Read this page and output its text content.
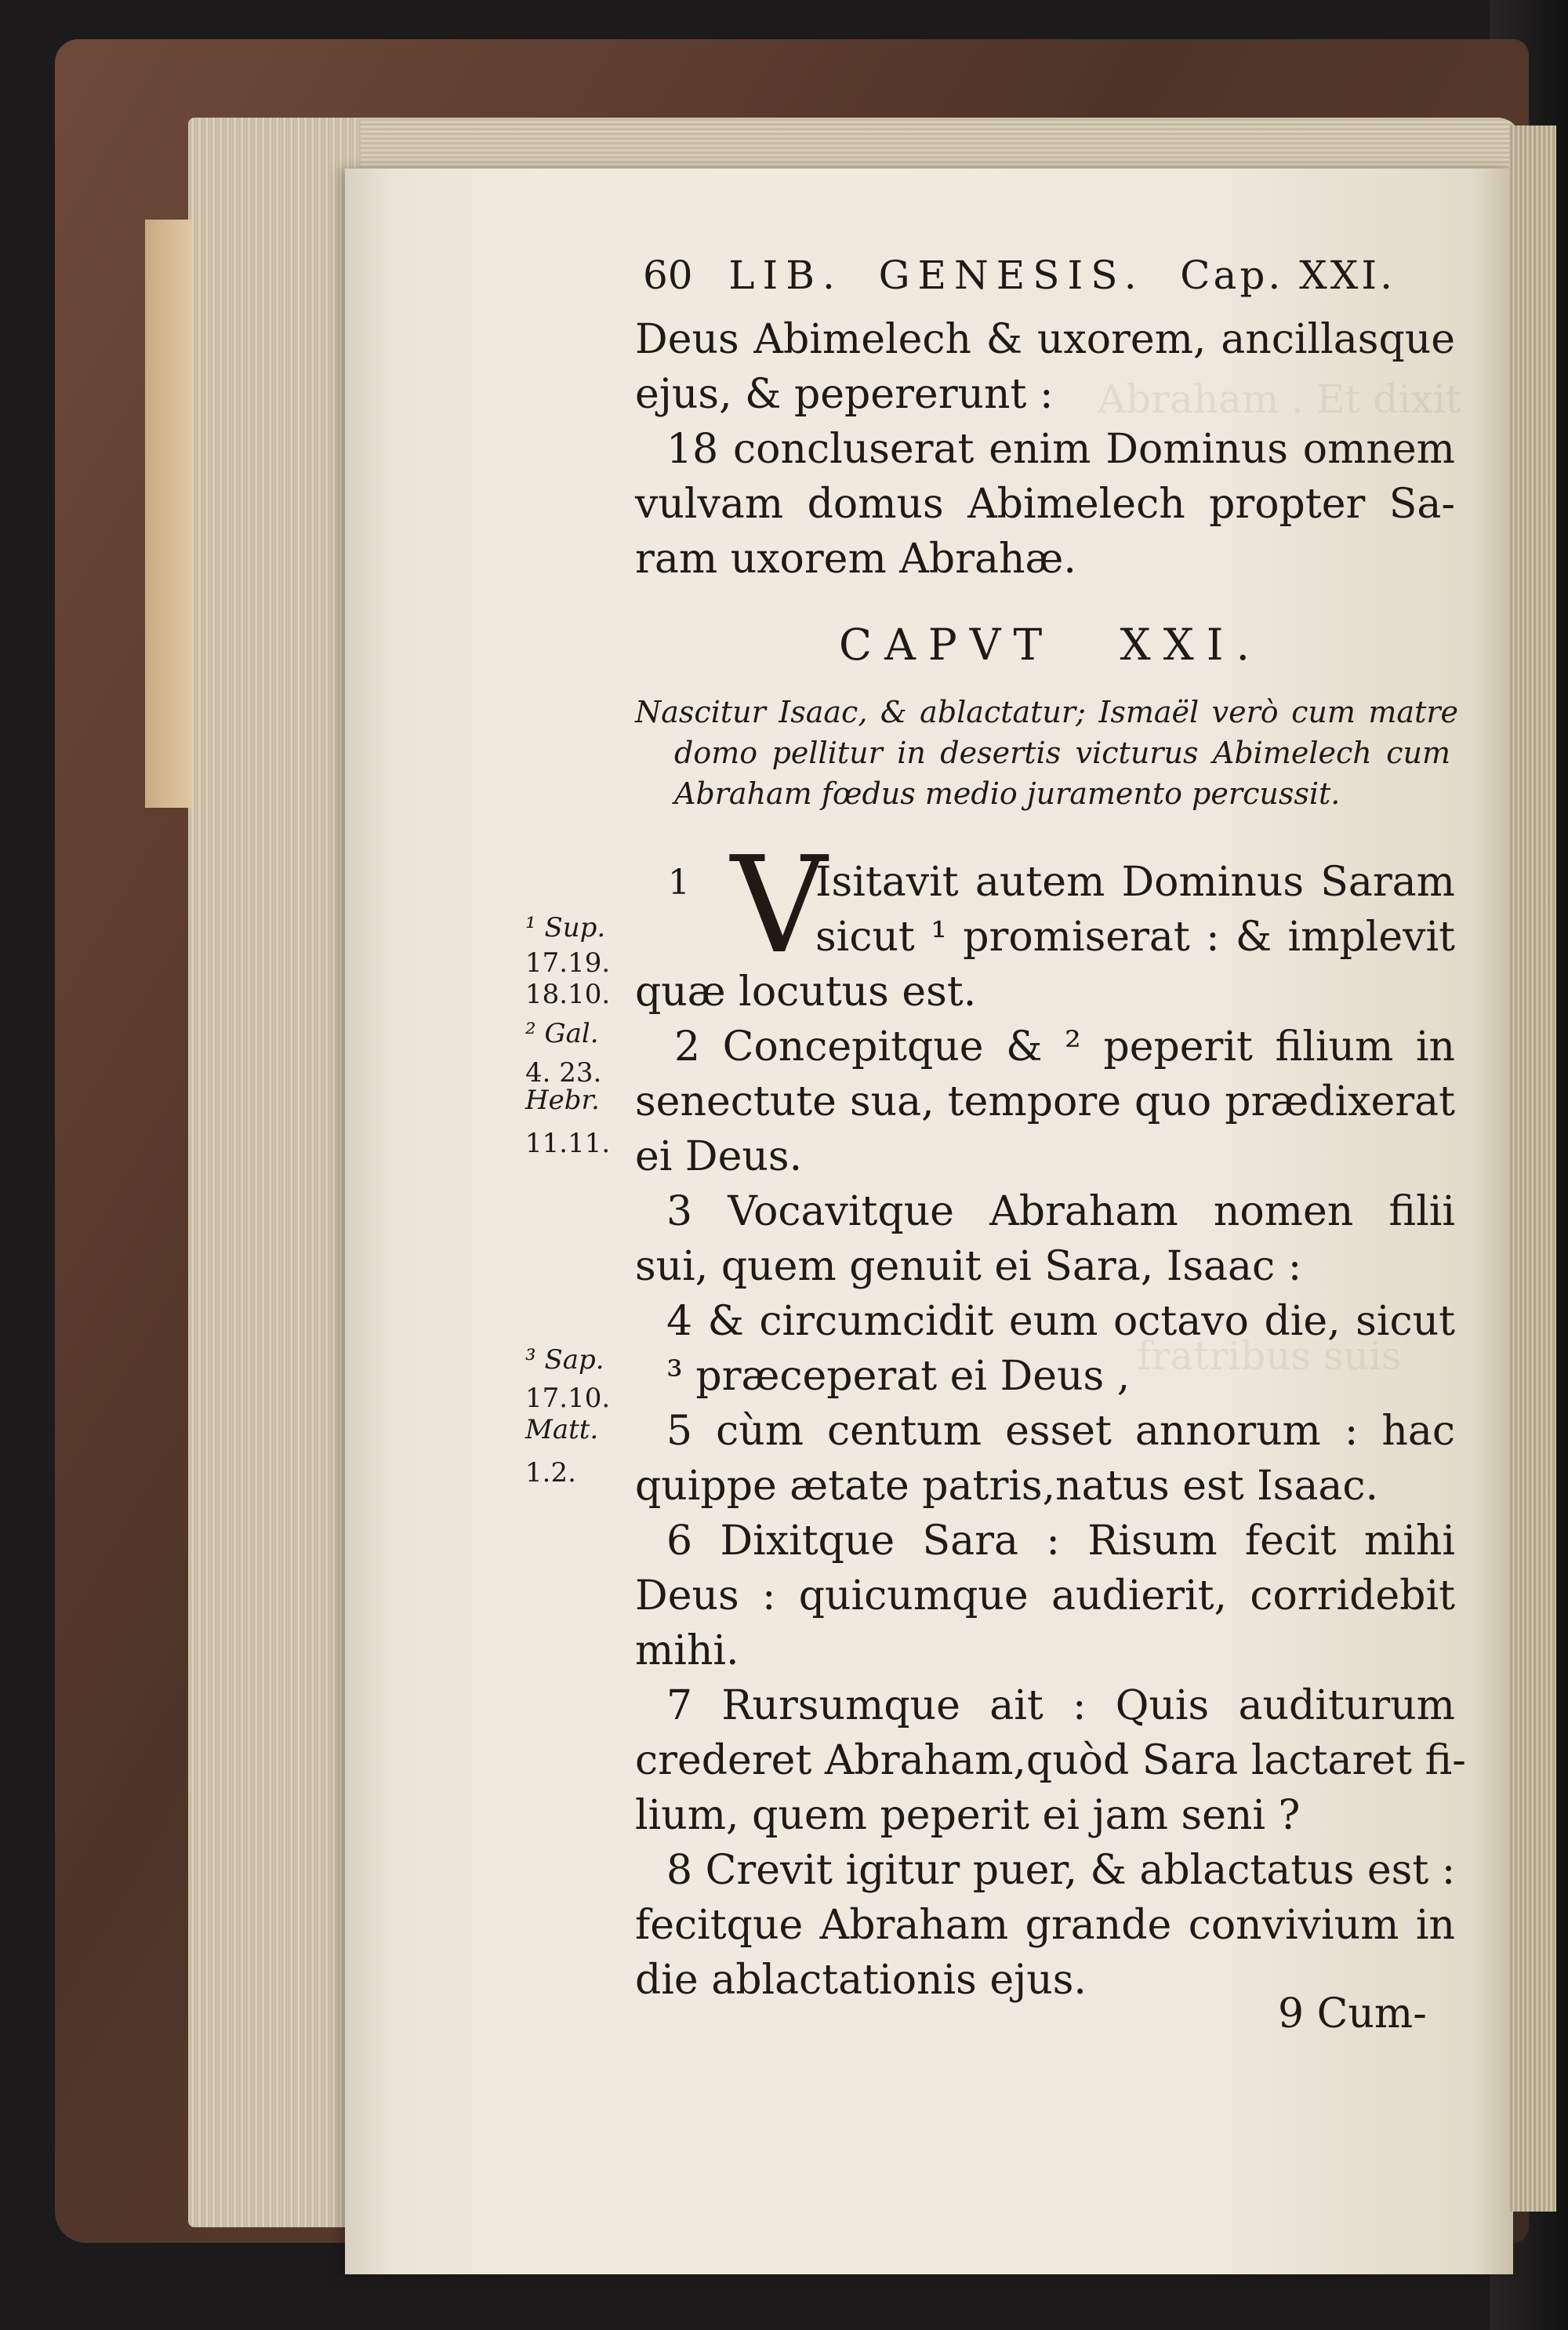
Abraham . Et dixit
fratribus suis
60 LIB. GENESIS. Cap. XXI.
Deus Abimelech & uxorem, ancillasque
ejus, & pepererunt :
18 concluserat enim Dominus omnem
vulvam domus Abimelech propter Sa-
ram uxorem Abrahæ.
CAPVT XXI.
Nascitur Isaac, & ablactatur; Ismaël verò cum matre
domo pellitur in desertis victurus Abimelech cum
Abraham fœdus medio juramento percussit.
1 V
Isitavit autem Dominus Saram
sicut ¹ promiserat : & implevit
quæ locutus est.
2 Concepitque & ² peperit filium in
senectute sua, tempore quo prædixerat
ei Deus.
3 Vocavitque Abraham nomen filii
sui, quem genuit ei Sara, Isaac :
4 & circumcidit eum octavo die, sicut
³ præceperat ei Deus ,
5 cùm centum esset annorum : hac
quippe ætate patris,natus est Isaac.
6 Dixitque Sara : Risum fecit mihi
Deus : quicumque audierit, corridebit
mihi.
7 Rursumque ait : Quis auditurum
crederet Abraham,quòd Sara lactaret fi-
lium, quem peperit ei jam seni ?
8 Crevit igitur puer, & ablactatus est :
fecitque Abraham grande convivium in
die ablactationis ejus.
9 Cum-
¹ Sup.
17.19.
18.10.
² Gal.
4. 23.
Hebr.
11.11.
³ Sap.
17.10.
Matt.
1.2.
